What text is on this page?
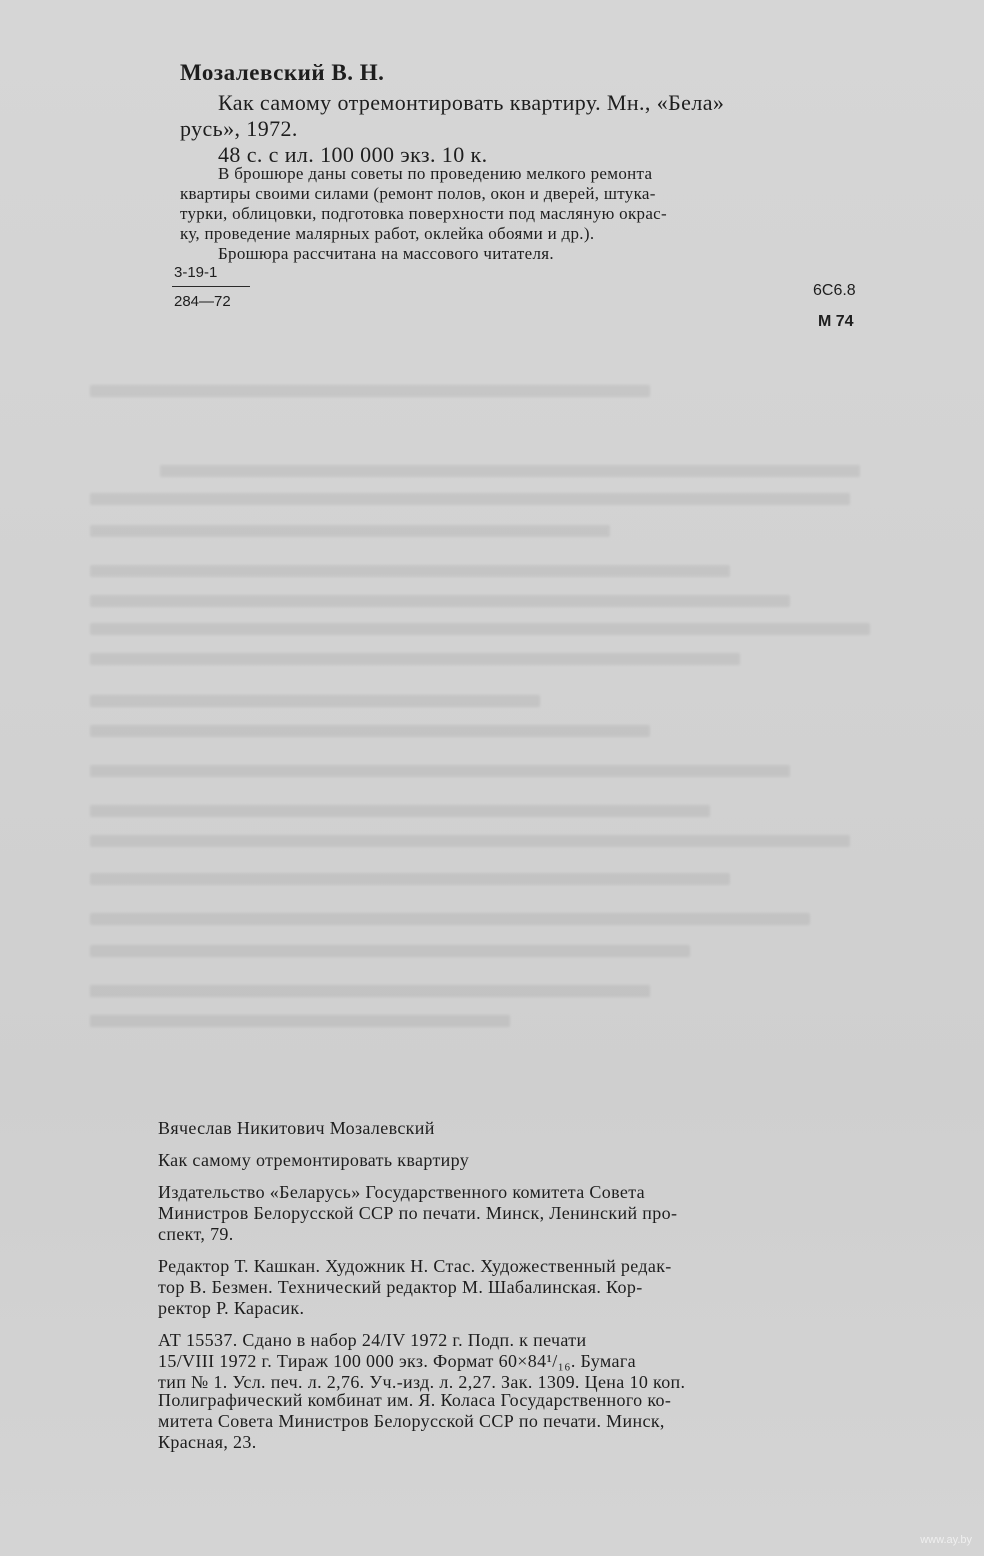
Мозалевский В. Н.
Как самому отремонтировать квартиру. Мн., «Бела»
русь», 1972.
48 с. с ил. 100 000 экз. 10 к.
В брошюре даны советы по проведению мелкого ремонта
квартиры своими силами (ремонт полов, окон и дверей, штука-
турки, облицовки, подготовка поверхности под масляную окрас-
ку, проведение малярных работ, оклейка обоями и др.).
Брошюра рассчитана на массового читателя.
3-19-1
284—72
6С6.8
М 74
Вячеслав Никитович Мозалевский
Как самому отремонтировать квартиру
Издательство «Беларусь» Государственного комитета Совета
Министров Белорусской ССР по печати. Минск, Ленинский про-
спект, 79.
Редактор Т. Кашкан. Художник Н. Стас. Художественный редак-
тор В. Безмен. Технический редактор М. Шабалинская. Кор-
ректор Р. Карасик.
АТ 15537. Сдано в набор 24/IV 1972 г. Подп. к печати
15/VIII 1972 г. Тираж 100 000 экз. Формат 60×84¹/₁₆. Бумага
тип № 1. Усл. печ. л. 2,76. Уч.-изд. л. 2,27. Зак. 1309. Цена 10 коп.
Полиграфический комбинат им. Я. Коласа Государственного ко-
митета Совета Министров Белорусской ССР по печати. Минск,
Красная, 23.
www.ay.by
